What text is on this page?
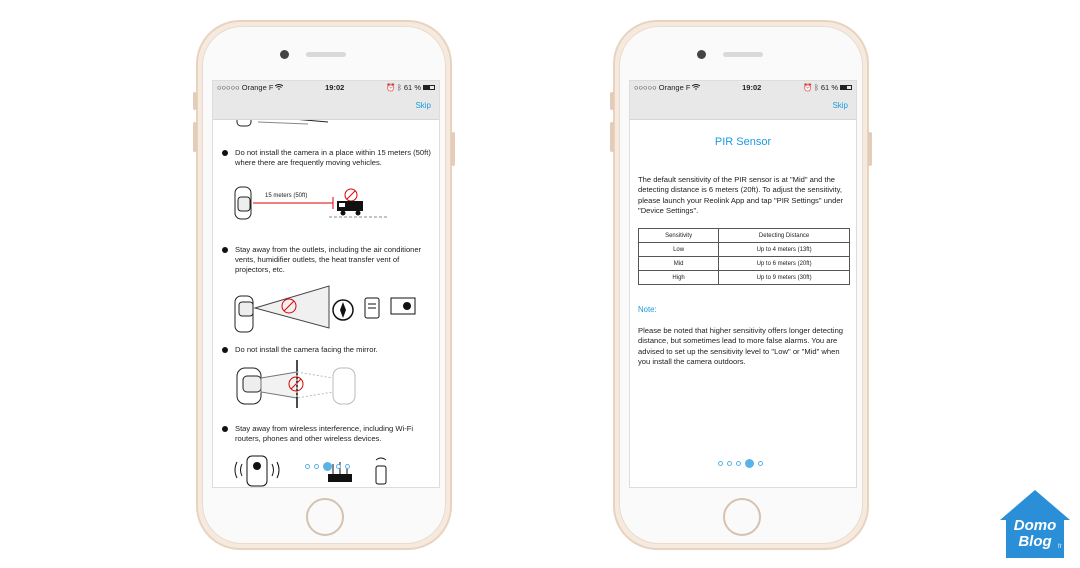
○○○○○ Orange F	19:02	⏰ ᛒ 61 %
Skip
Do not install the camera in a place within 15 meters (50ft) where there are frequently moving vehicles.
15 meters (50ft)
Stay away from the outlets, including the air conditioner vents, humidifier outlets, the heat transfer vent of projectors, etc.
Do not install the camera facing the mirror.
Stay away from wireless interference, including Wi-Fi routers, phones and other wireless devices.
○○○○○ Orange F	19:02	⏰ ᛒ 61 %
Skip
PIR Sensor
The default sensitivity of the PIR sensor is at "Mid" and the detecting distance is 6 meters (20ft). To adjust the sensitivity, please launch your Reolink App and tap "PIR Settings" under "Device Settings".
Sensitivity	Detecting Distance
Low	Up to 4 meters (13ft)
Mid	Up to 6 meters (20ft)
High	Up to 9 meters (30ft)
Note:
Please be noted that higher sensitivity offers longer detecting distance, but sometimes lead to more false alarms. You are advised to set up the sensitivity level to "Low" or "Mid" when you install the camera outdoors.
Domo
Blog fr
